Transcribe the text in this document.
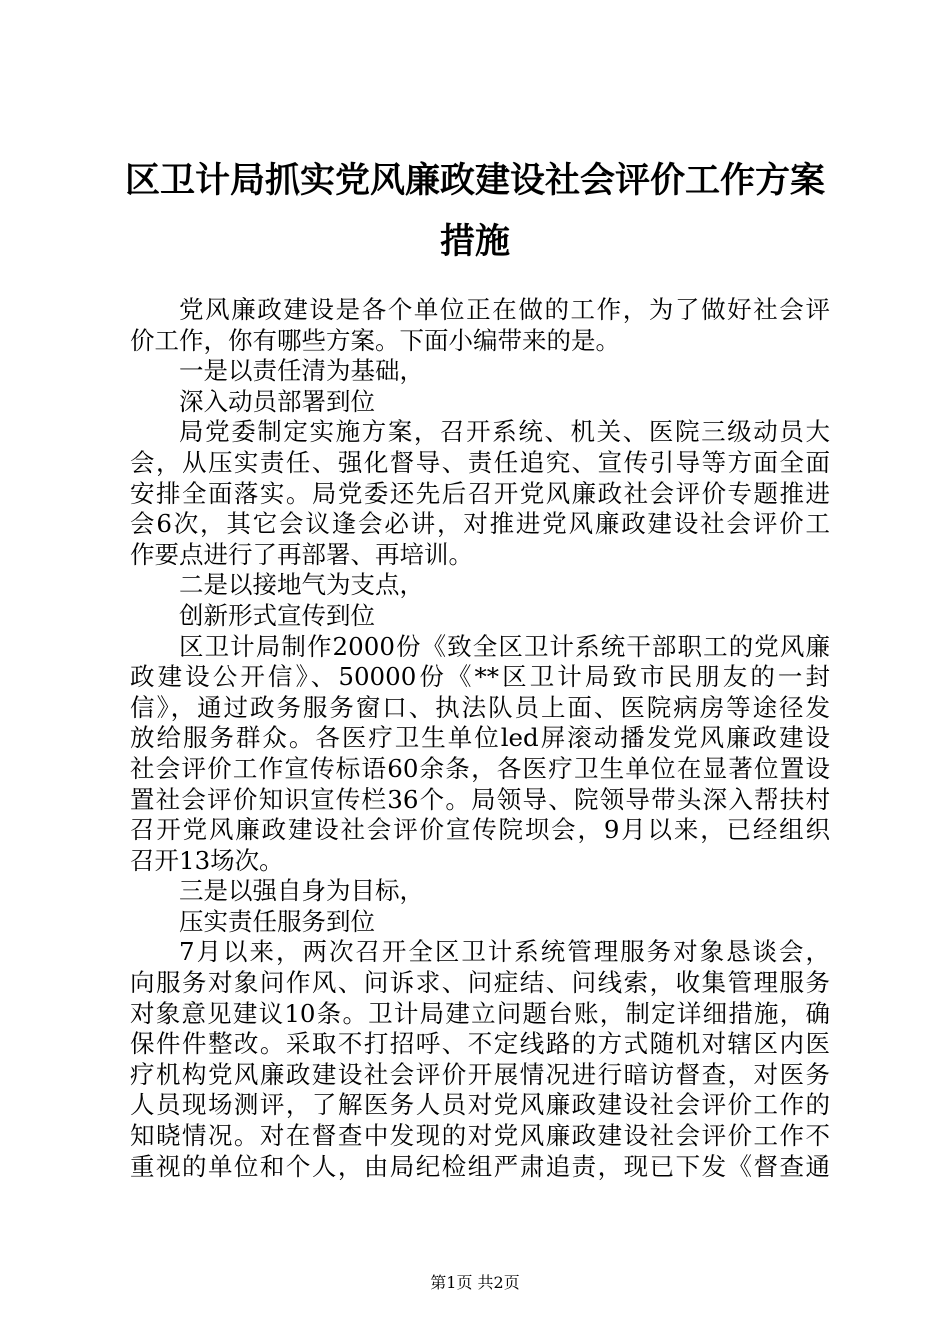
区卫计局抓实党风廉政建设社会评价工作方案
措施
党风廉政建设是各个单位正在做的工作，为了做好社会评
价工作，你有哪些方案。下面小编带来的是。
一是以责任清为基础，
深入动员部署到位
局党委制定实施方案，召开系统、机关、医院三级动员大
会，从压实责任、强化督导、责任追究、宣传引导等方面全面
安排全面落实。局党委还先后召开党风廉政社会评价专题推进
会6次，其它会议逢会必讲，对推进党风廉政建设社会评价工
作要点进行了再部署、再培训。
二是以接地气为支点，
创新形式宣传到位
区卫计局制作2000份《致全区卫计系统干部职工的党风廉
政建设公开信》、50000份《**区卫计局致市民朋友的一封
信》，通过政务服务窗口、执法队员上面、医院病房等途径发
放给服务群众。各医疗卫生单位led屏滚动播发党风廉政建设
社会评价工作宣传标语60余条，各医疗卫生单位在显著位置设
置社会评价知识宣传栏36个。局领导、院领导带头深入帮扶村
召开党风廉政建设社会评价宣传院坝会，9月以来，已经组织
召开13场次。
三是以强自身为目标，
压实责任服务到位
7月以来，两次召开全区卫计系统管理服务对象恳谈会，
向服务对象问作风、问诉求、问症结、问线索，收集管理服务
对象意见建议10条。卫计局建立问题台账，制定详细措施，确
保件件整改。采取不打招呼、不定线路的方式随机对辖区内医
疗机构党风廉政建设社会评价开展情况进行暗访督查，对医务
人员现场测评，了解医务人员对党风廉政建设社会评价工作的
知晓情况。对在督查中发现的对党风廉政建设社会评价工作不
重视的单位和个人，由局纪检组严肃追责，现已下发《督查通
第1页 共2页
